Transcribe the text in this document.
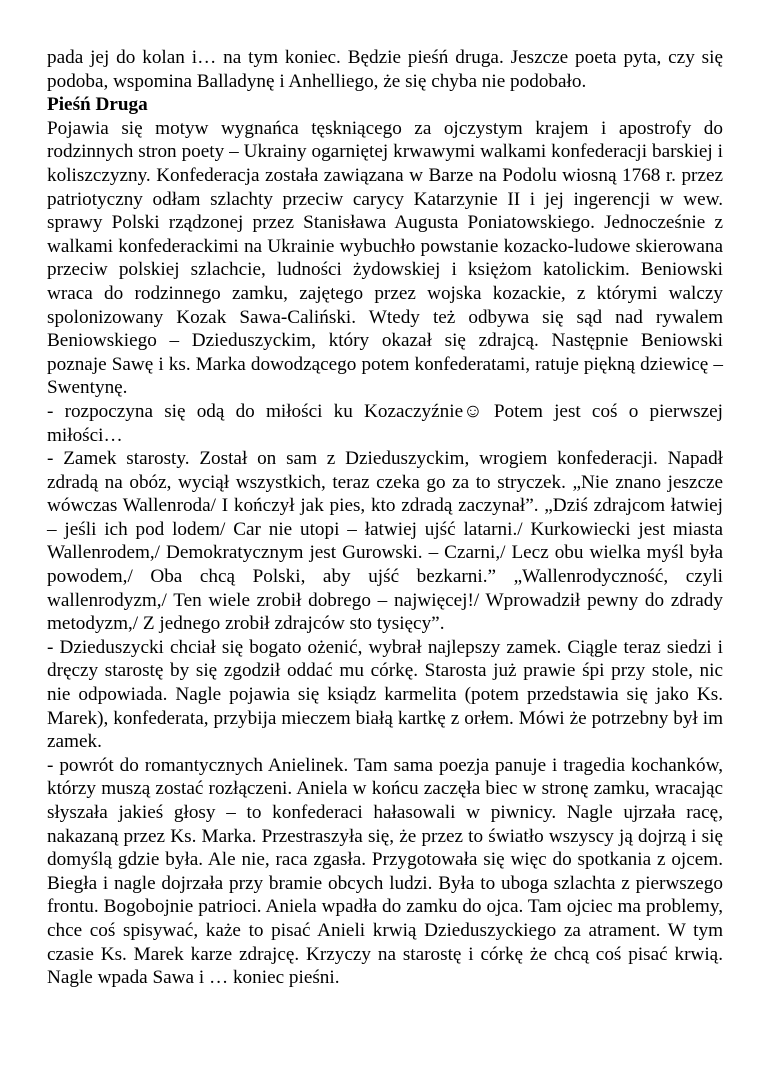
pada jej do kolan i… na tym koniec. Będzie pieśń druga. Jeszcze poeta pyta, czy się podoba, wspomina Balladynę i Anhelliego, że się chyba nie podobało.

Pieśń Druga

Pojawia się motyw wygnańca tęskniącego za ojczystym krajem i apostrofy do rodzinnych stron poety – Ukrainy ogarniętej krwawymi walkami konfederacji barskiej i koliszczyzny. Konfederacja została zawiązana w Barze na Podolu wiosną 1768 r. przez patriotyczny odłam szlachty przeciw carycy Katarzynie II i jej ingerencji w wew. sprawy Polski rządzonej przez Stanisława Augusta Poniatowskiego. Jednocześnie z walkami konfederackimi na Ukrainie wybuchło powstanie kozacko-ludowe skierowana przeciw polskiej szlachcie, ludności żydowskiej i księżom katolickim. Beniowski wraca do rodzinnego zamku, zajętego przez wojska kozackie, z którymi walczy spolonizowany Kozak Sawa-Caliński. Wtedy też odbywa się sąd nad rywalem Beniowskiego – Dzieduszyckim, który okazał się zdrajcą. Następnie Beniowski poznaje Sawę i ks. Marka dowodzącego potem konfederatami, ratuje piękną dziewicę – Swentynę.

- rozpoczyna się odą do miłości ku Kozaczyźnie☺ Potem jest coś o pierwszej miłości…

- Zamek starosty. Został on sam z Dzieduszyckim, wrogiem konfederacji. Napadł zdradą na obóz, wyciął wszystkich, teraz czeka go za to stryczek. „Nie znano jeszcze wówczas Wallenroda/ I kończył jak pies, kto zdradą zaczynał”. „Dziś zdrajcom łatwiej – jeśli ich pod lodem/ Car nie utopi – łatwiej ujść latarni./ Kurkowiecki jest miasta Wallenrodem,/ Demokratycznym jest Gurowski. – Czarni,/ Lecz obu wielka myśl była powodem,/ Oba chcą Polski, aby ujść bezkarni.” „Wallenrodyczność, czyli wallenrodyzm,/ Ten wiele zrobił dobrego – najwięcej!/ Wprowadził pewny do zdrady metodyzm,/ Z jednego zrobił zdrajców sto tysięcy”.

- Dzieduszycki chciał się bogato ożenić, wybrał najlepszy zamek. Ciągle teraz siedzi i dręczy starostę by się zgodził oddać mu córkę. Starosta już prawie śpi przy stole, nic nie odpowiada. Nagle pojawia się ksiądz karmelita (potem przedstawia się jako Ks. Marek), konfederata, przybija mieczem białą kartkę z orłem. Mówi że potrzebny był im zamek.

- powrót do romantycznych Anielinek. Tam sama poezja panuje i tragedia kochanków, którzy muszą zostać rozłączeni. Aniela w końcu zaczęła biec w stronę zamku, wracając słyszała jakieś głosy – to konfederaci hałasowali w piwnicy. Nagle ujrzała racę, nakazaną przez Ks. Marka. Przestraszyła się, że przez to światło wszyscy ją dojrzą i się domyślą gdzie była. Ale nie, raca zgasła. Przygotowała się więc do spotkania z ojcem. Biegła i nagle dojrzała przy bramie obcych ludzi. Była to uboga szlachta z pierwszego frontu. Bogobojnie patrioci. Aniela wpadła do zamku do ojca. Tam ojciec ma problemy, chce coś spisywać, każe to pisać Anieli krwią Dzieduszyckiego za atrament. W tym czasie Ks. Marek karze zdrajcę. Krzyczy na starostę i córkę że chcą coś pisać krwią. Nagle wpada Sawa i … koniec pieśni.
